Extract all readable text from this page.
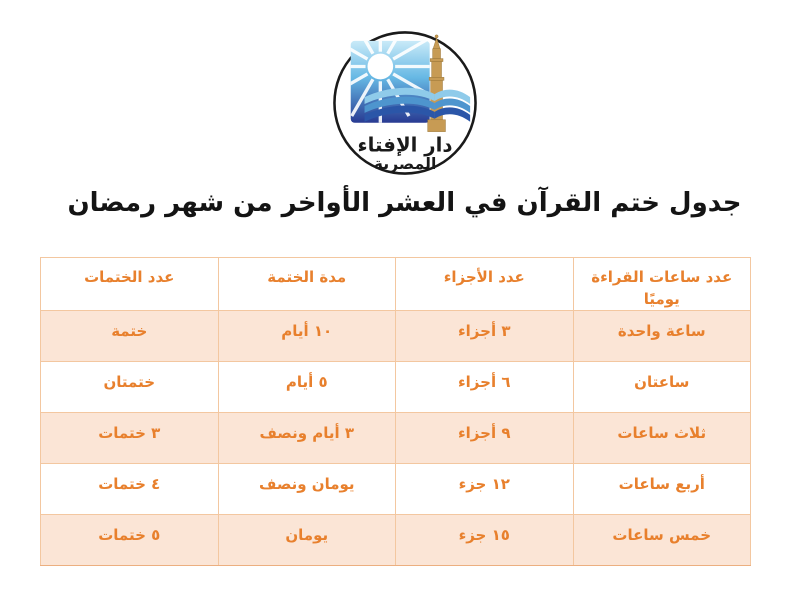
دار الإفتاء
المصرية
جدول ختم القرآن في العشر الأواخر من شهر رمضان
عدد ساعات القراءة يوميًا	عدد الأجزاء	مدة الختمة	عدد الختمات
ساعة واحدة	٣ أجزاء	١٠ أيام	ختمة
ساعتان	٦ أجزاء	٥ أيام	ختمتان
ثلاث ساعات	٩ أجزاء	٣ أيام ونصف	٣ ختمات
أربع ساعات	١٢ جزء	يومان ونصف	٤ ختمات
خمس ساعات	١٥ جزء	يومان	٥ ختمات
